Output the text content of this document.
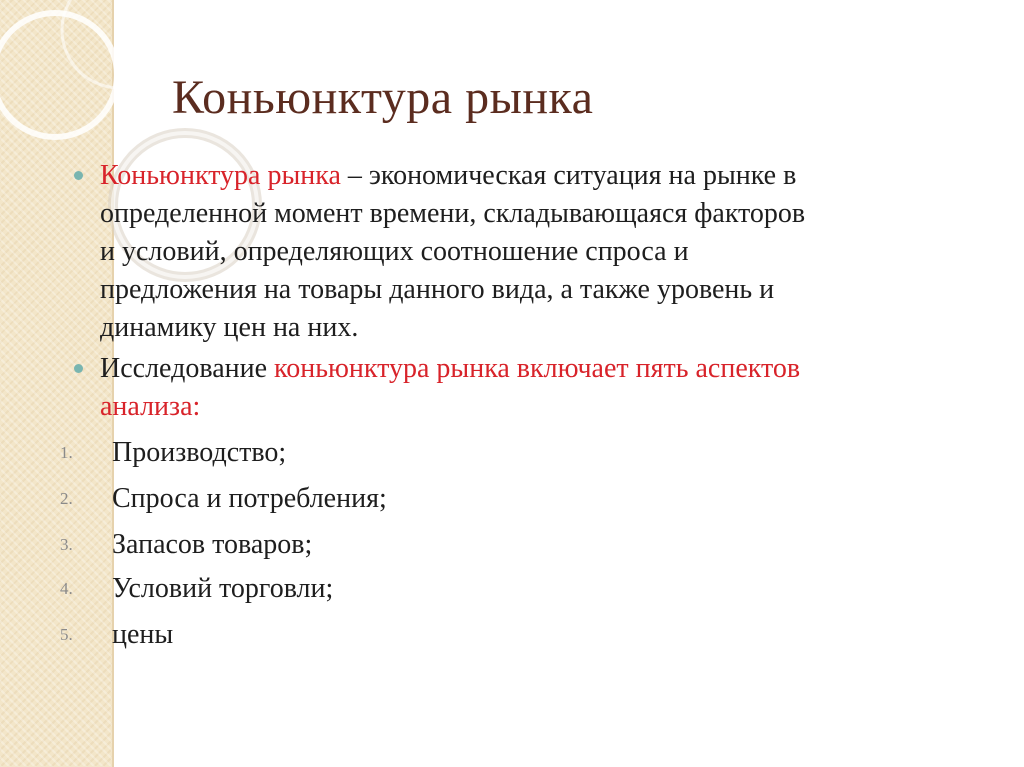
Коньюнктура рынка
Коньюнктура рынка – экономическая ситуация на рынке в
определенной момент времени, складывающаяся факторов
и условий, определяющих соотношение спроса и
предложения на товары данного вида, а также уровень и
динамику цен на них.
Исследование коньюнктура рынка включает пять аспектов
анализа:
1. Производство;
2. Спроса и потребления;
3. Запасов товаров;
4. Условий торговли;
5. цены
